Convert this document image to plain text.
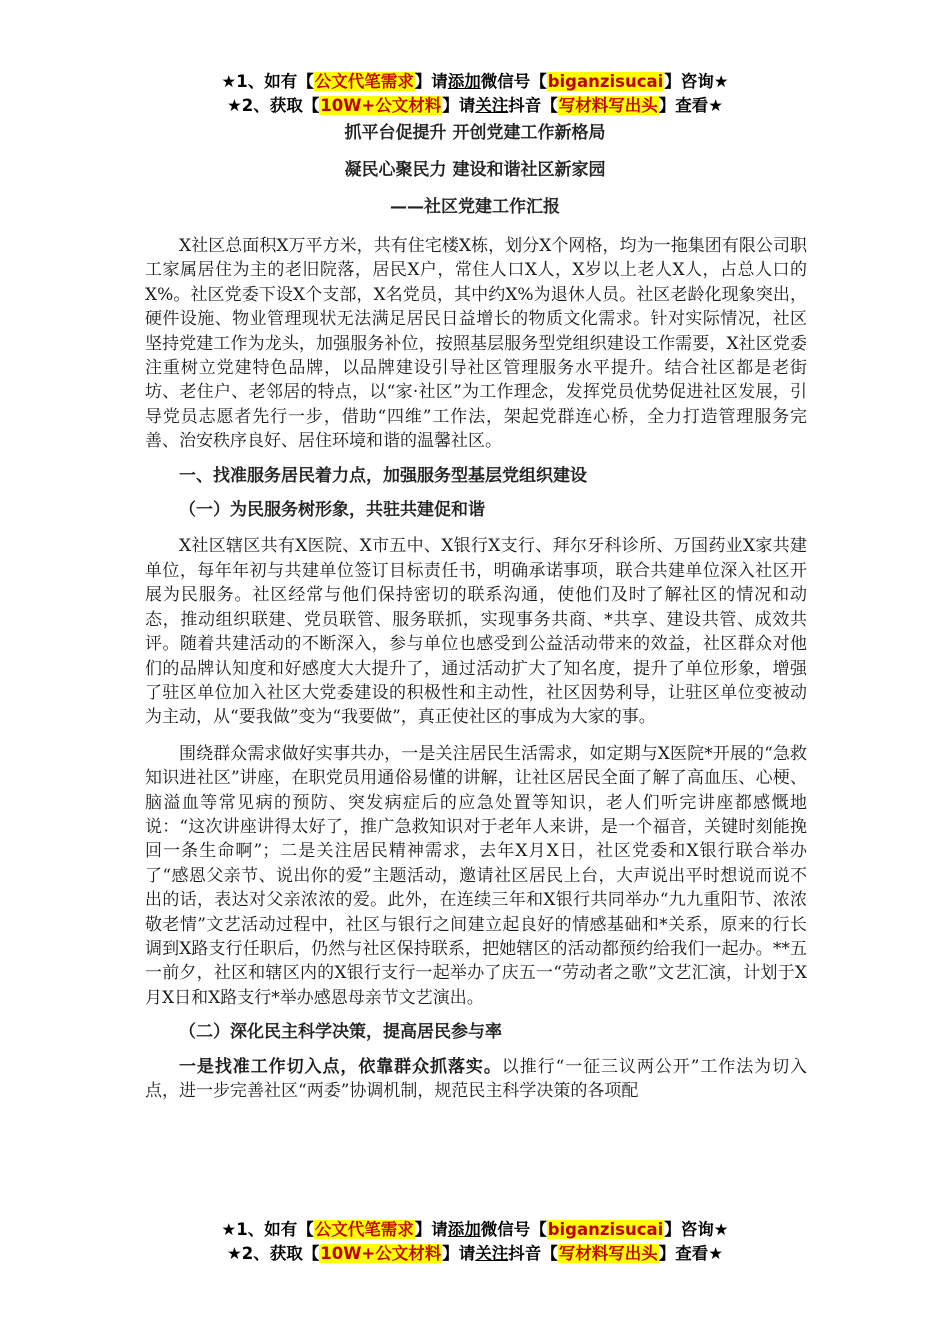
★1、如有【公文代笔需求】请添加微信号【biganzisucai】咨询★
★2、获取【10W+公文材料】请关注抖音【写材料写出头】查看★
抓平台促提升 开创党建工作新格局
凝民心聚民力 建设和谐社区新家园
——社区党建工作汇报

X社区总面积X万平方米，共有住宅楼X栋，划分X个网格，均为一拖集团有限公司职工家属居住为主的老旧院落，居民X户，常住人口X人，X岁以上老人X人，占总人口的X%。社区党委下设X个支部，X名党员，其中约X%为退休人员。社区老龄化现象突出，硬件设施、物业管理现状无法满足居民日益增长的物质文化需求。针对实际情况，社区坚持党建工作为龙头，加强服务补位，按照基层服务型党组织建设工作需要，X社区党委注重树立党建特色品牌，以品牌建设引导社区管理服务水平提升。结合社区都是老街坊、老住户、老邻居的特点，以“家·社区”为工作理念，发挥党员优势促进社区发展，引导党员志愿者先行一步，借助“四维”工作法，架起党群连心桥，全力打造管理服务完善、治安秩序良好、居住环境和谐的温馨社区。

一、找准服务居民着力点，加强服务型基层党组织建设

（一）为民服务树形象，共驻共建促和谐

X社区辖区共有X医院、X市五中、X银行X支行、拜尔牙科诊所、万国药业X家共建单位，每年年初与共建单位签订目标责任书，明确承诺事项，联合共建单位深入社区开展为民服务。社区经常与他们保持密切的联系沟通，使他们及时了解社区的情况和动态，推动组织联建、党员联管、服务联抓，实现事务共商、*共享、建设共管、成效共评。随着共建活动的不断深入，参与单位也感受到公益活动带来的效益，社区群众对他们的品牌认知度和好感度大大提升了，通过活动扩大了知名度，提升了单位形象，增强了驻区单位加入社区大党委建设的积极性和主动性，社区因势利导，让驻区单位变被动为主动，从“要我做”变为“我要做”，真正使社区的事成为大家的事。

围绕群众需求做好实事共办，一是关注居民生活需求，如定期与X医院*开展的“急救知识进社区”讲座，在职党员用通俗易懂的讲解，让社区居民全面了解了高血压、心梗、脑溢血等常见病的预防、突发病症后的应急处置等知识，老人们听完讲座都感慨地说：“这次讲座讲得太好了，推广急救知识对于老年人来讲，是一个福音，关键时刻能挽回一条生命啊”；二是关注居民精神需求，去年X月X日，社区党委和X银行联合举办了“感恩父亲节、说出你的爱”主题活动，邀请社区居民上台，大声说出平时想说而说不出的话，表达对父亲浓浓的爱。此外，在连续三年和X银行共同举办“九九重阳节、浓浓敬老情”文艺活动过程中，社区与银行之间建立起良好的情感基础和*关系，原来的行长调到X路支行任职后，仍然与社区保持联系，把她辖区的活动都预约给我们一起办。**五一前夕，社区和辖区内的X银行支行一起举办了庆五一“劳动者之歌”文艺汇演，计划于X月X日和X路支行*举办感恩母亲节文艺演出。

（二）深化民主科学决策，提高居民参与率

一是找准工作切入点，依靠群众抓落实。以推行“一征三议两公开”工作法为切入点，进一步完善社区“两委”协调机制，规范民主科学决策的各项配

★1、如有【公文代笔需求】请添加微信号【biganzisucai】咨询★
★2、获取【10W+公文材料】请关注抖音【写材料写出头】查看★
